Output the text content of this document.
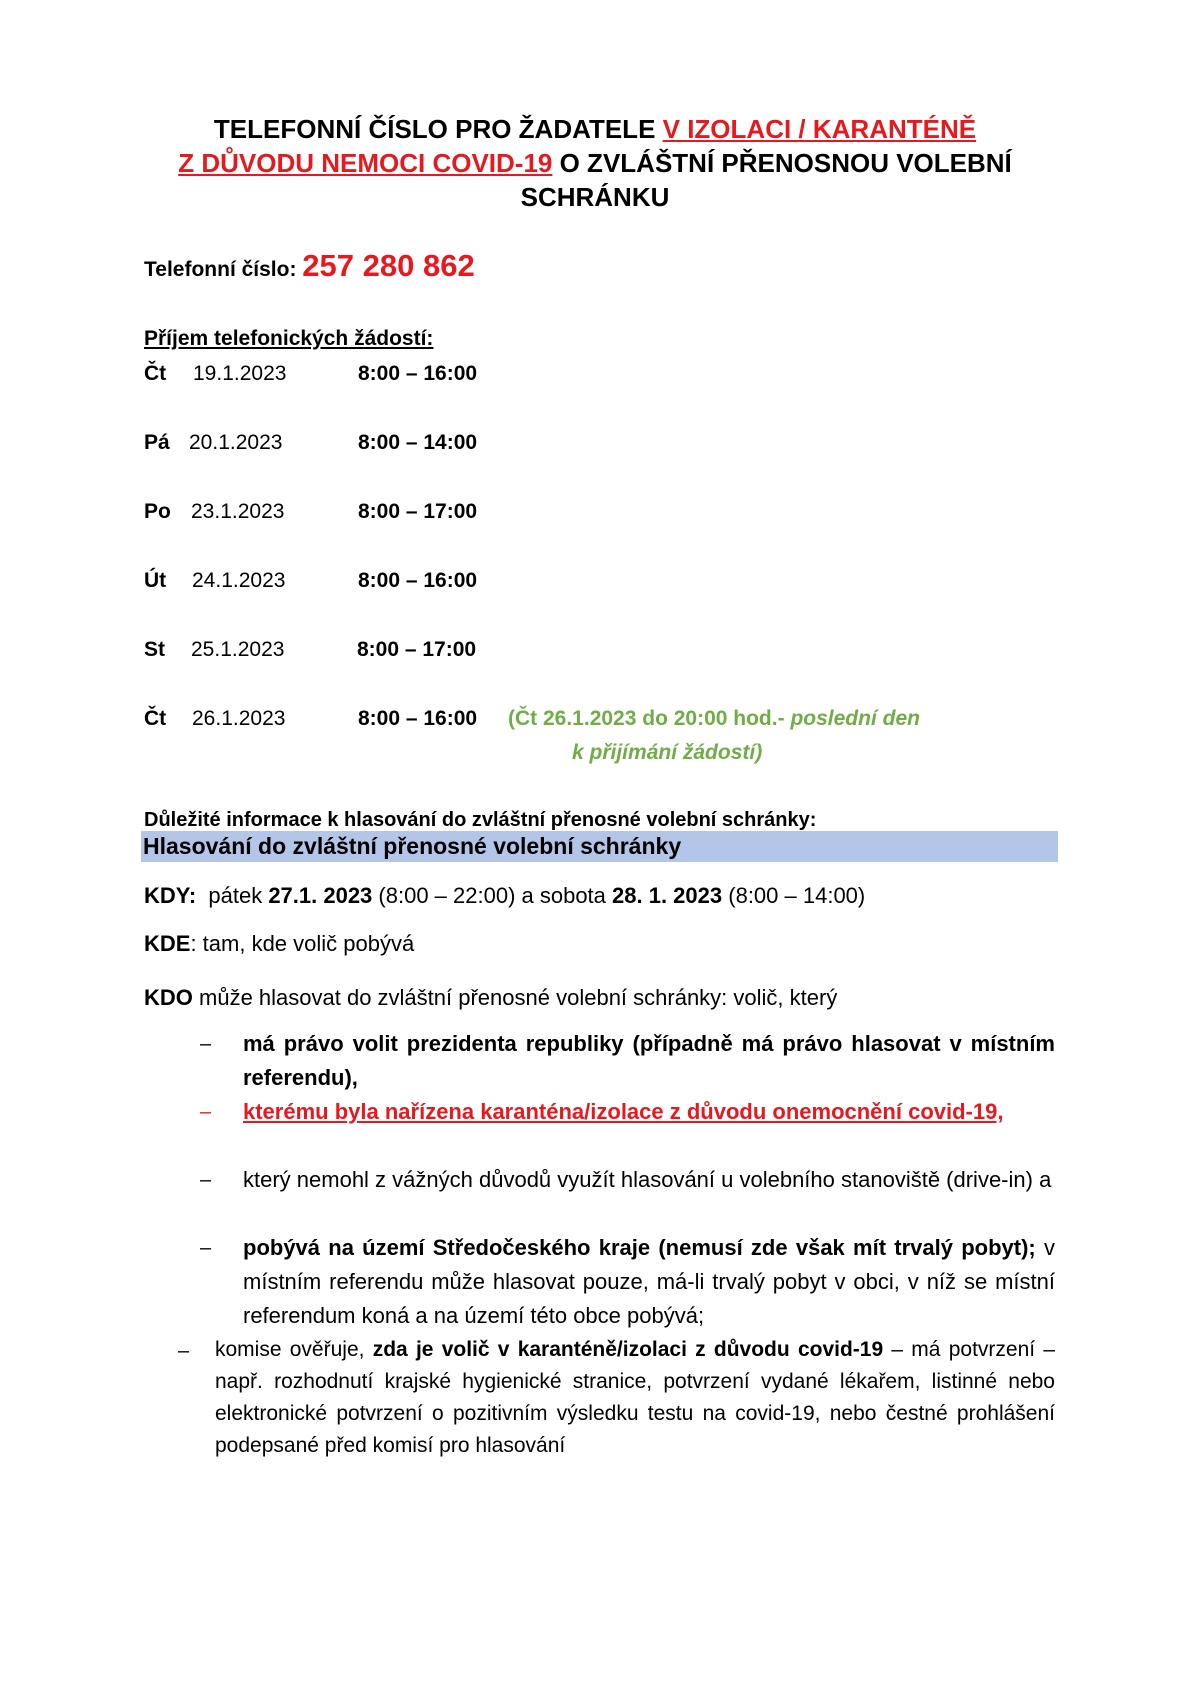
TELEFONNÍ ČÍSLO PRO ŽADATELE V IZOLACI / KARANTÉNĚ
Z DŮVODU NEMOCI COVID-19 O ZVLÁŠTNÍ PŘENOSNOU VOLEBNÍ SCHRÁNKU
Telefonní číslo: 257 280 862
Příjem telefonických žádostí:
Čt 19.1.2023	8:00 – 16:00
Pá 20.1.2023	8:00 – 14:00
Po 23.1.2023	8:00 – 17:00
Út 24.1.2023	8:00 – 16:00
St 25.1.2023	8:00 – 17:00
Čt 26.1.2023	8:00 – 16:00 (Čt 26.1.2023 do 20:00 hod.- poslední den
k přijímání žádostí)
Důležité informace k hlasování do zvláštní přenosné volební schránky:
Hlasování do zvláštní přenosné volební schránky
KDY:  pátek 27.1. 2023 (8:00 – 22:00) a sobota 28. 1. 2023 (8:00 – 14:00)
KDE: tam, kde volič pobývá
KDO může hlasovat do zvláštní přenosné volební schránky: volič, který
– má právo volit prezidenta republiky (případně má právo hlasovat v místním referendu),
– kterému byla nařízena karanténa/izolace z důvodu onemocnění covid-19,
– který nemohl z vážných důvodů využít hlasování u volebního stanoviště (drive-in) a
– pobývá na území Středočeského kraje (nemusí zde však mít trvalý pobyt); v místním referendu může hlasovat pouze, má-li trvalý pobyt v obci, v níž se místní referendum koná a na území této obce pobývá;
– komise ověřuje, zda je volič v karanténě/izolaci z důvodu covid-19 – má potvrzení – např. rozhodnutí krajské hygienické stranice, potvrzení vydané lékařem, listinné nebo elektronické potvrzení o pozitivním výsledku testu na covid-19, nebo čestné prohlášení podepsané před komisí pro hlasování
